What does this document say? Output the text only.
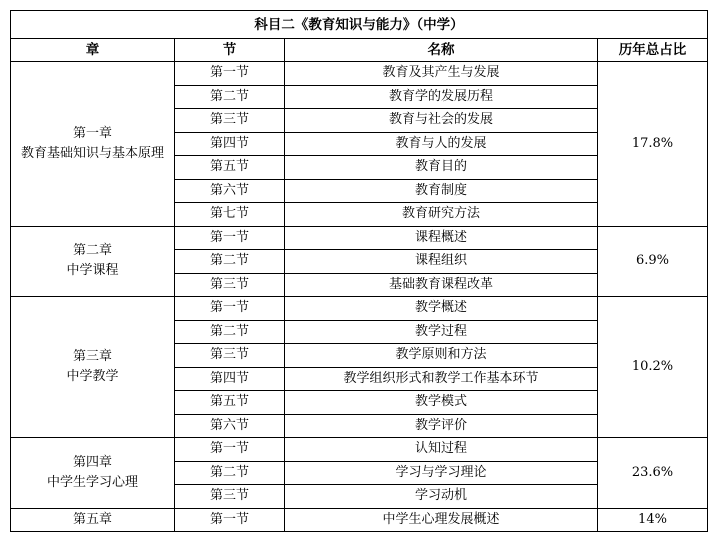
科目二《教育知识与能力》（中学）			
章	节	名称	历年总占比

第一章
教育基础知识与基本原理	第一节	教育及其产生与发展	17.8%
	第二节	教育学的发展历程	
	第三节	教育与社会的发展	
	第四节	教育与人的发展	
	第五节	教育目的	
	第六节	教育制度	
	第七节	教育研究方法	

第二章
中学课程	第一节	课程概述	6.9%
	第二节	课程组织	
	第三节	基础教育课程改革	

第三章
中学教学	第一节	教学概述	10.2%
	第二节	教学过程	
	第三节	教学原则和方法	
	第四节	教学组织形式和教学工作基本环节	
	第五节	教学模式	
	第六节	教学评价	

第四章
中学生学习心理	第一节	认知过程	23.6%
	第二节	学习与学习理论	
	第三节	学习动机	

第五章	第一节	中学生心理发展概述	14%
